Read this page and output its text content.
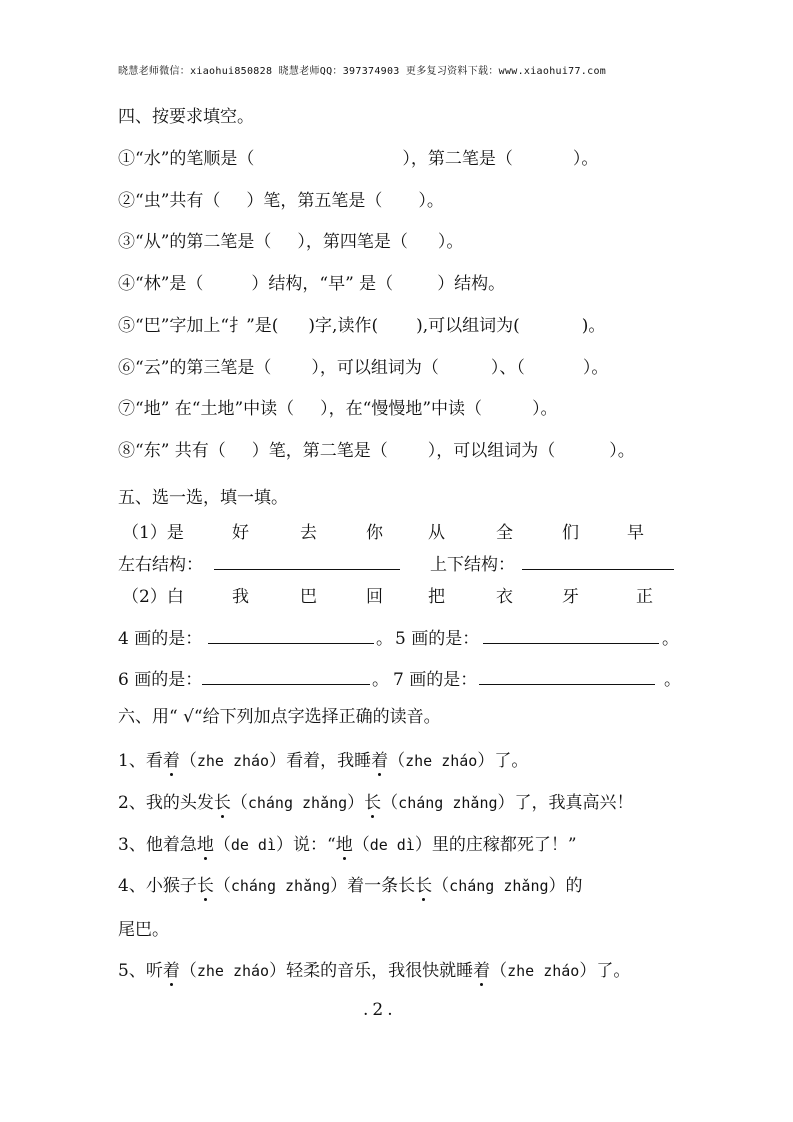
晓慧老师微信：xiaohui850828 晓慧老师QQ：397374903 更多复习资料下载：www.xiaohui77.com
四、按要求填空。
①“水”的笔顺是（	），第二笔是（	）。
②“虫”共有（ ）笔，第五笔是（ ）。
③“从”的第二笔是（ ），第四笔是（ ）。
④“林”是（	）结构，“早” 是（	）结构。
⑤“巴”字加上“扌”是( )字,读作( ),可以组词为(	)。
⑥“云”的第三笔是（ ），可以组词为（	）、（	）。
⑦“地” 在“土地”中读（ ），在“慢慢地”中读（	）。
⑧“东” 共有（ ）笔，第二笔是（ ），可以组词为（	）。
五、选一选，填一填。
（1）是	好	去	你	从	全	们	早
左右结构：	上下结构：
（2）白	我	巴	回	把	衣	牙	正
4 画的是：	。 5 画的是：	。
6 画的是：	。 7 画的是：	。
六、用“ √“给下列加点字选择正确的读音。
1、看着（zhe zháo）看着，我睡着（zhe zháo）了。
2、我的头发长（cháng zhǎng）长（cháng zhǎng）了，我真高兴！
3、他着急地（de dì）说：“地（de dì）里的庄稼都死了！”
4、小猴子长（cháng zhǎng）着一条长长（cháng zhǎng）的
尾巴。
5、听着（zhe zháo）轻柔的音乐，我很快就睡着（zhe zháo）了。
.2.
